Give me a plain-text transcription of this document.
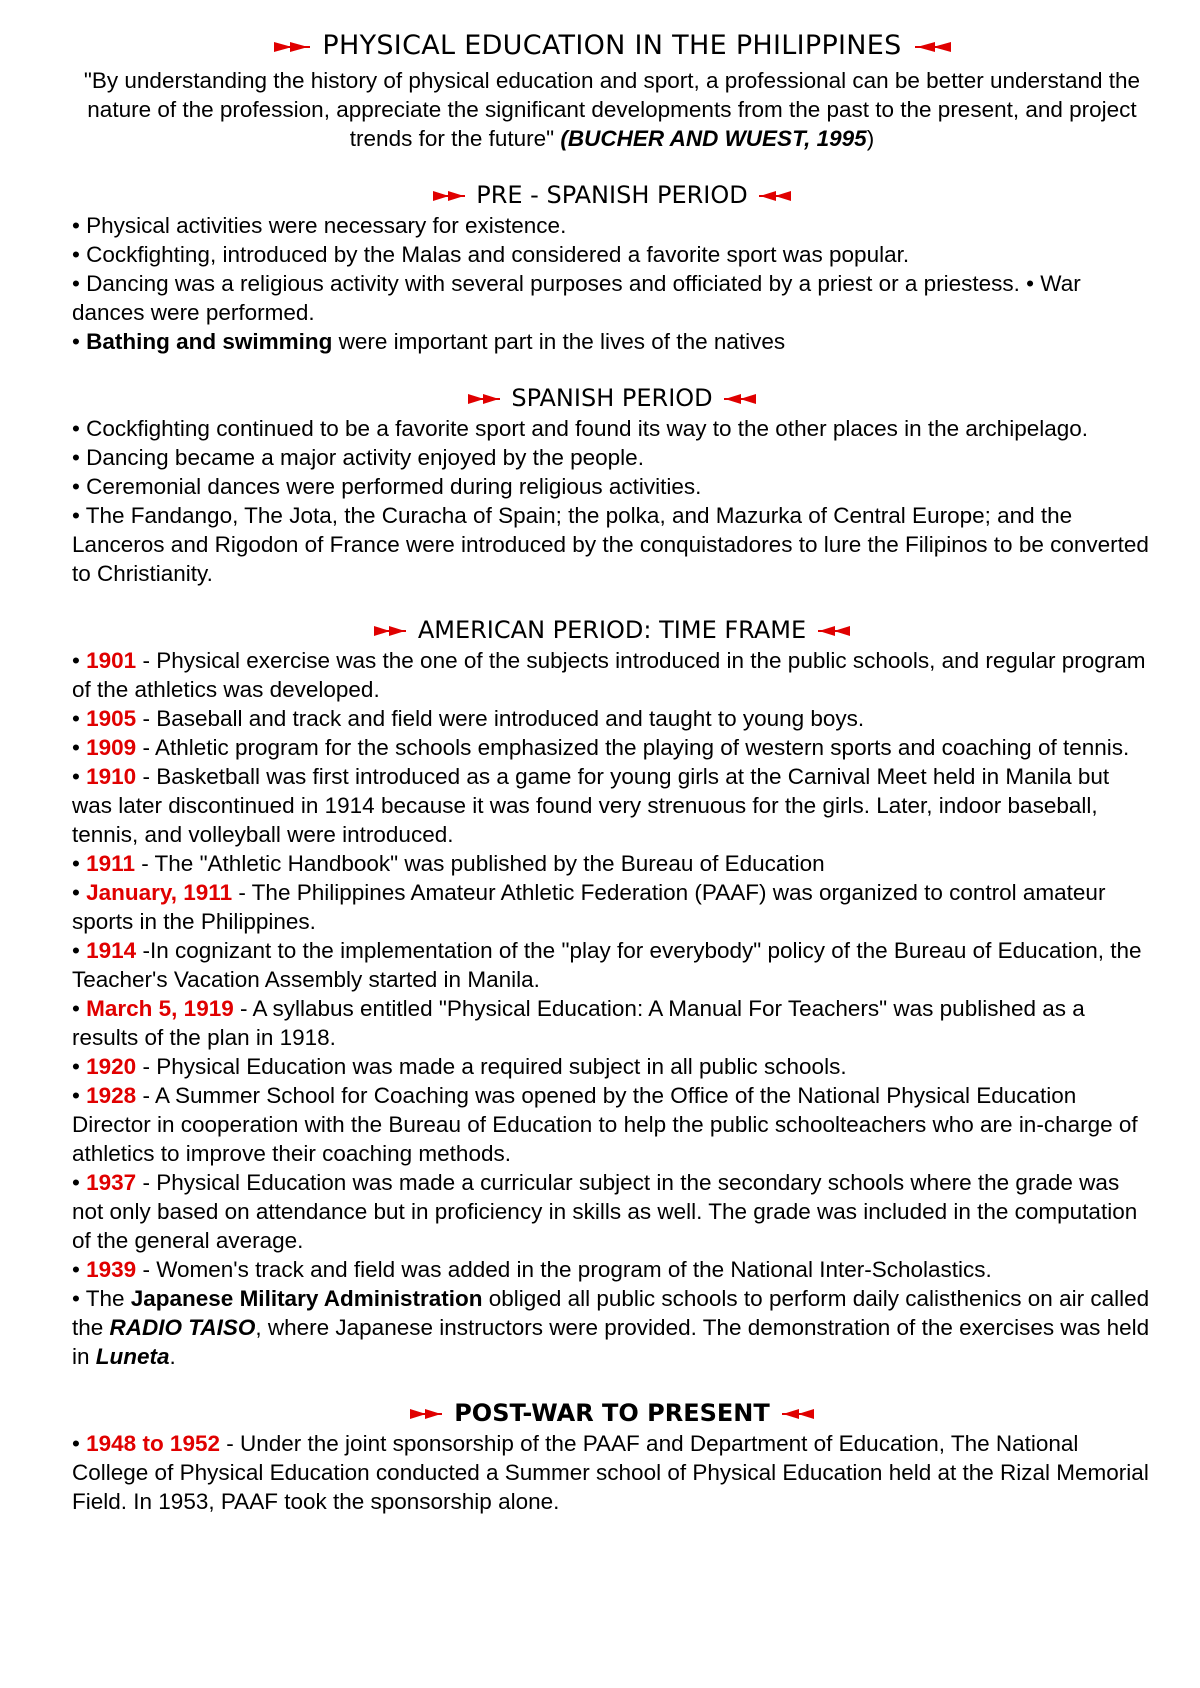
PHYSICAL EDUCATION IN THE PHILIPPINES

"By understanding the history of physical education and sport, a professional can be better understand the nature of the profession, appreciate the significant developments from the past to the present, and project trends for the future" (BUCHER AND WUEST, 1995)

PRE - SPANISH PERIOD

• Physical activities were necessary for existence.

• Cockfighting, introduced by the Malas and considered a favorite sport was popular.

• Dancing was a religious activity with several purposes and officiated by a priest or a priestess. • War dances were performed.

• Bathing and swimming were important part in the lives of the natives

SPANISH PERIOD

• Cockfighting continued to be a favorite sport and found its way to the other places in the archipelago.

• Dancing became a major activity enjoyed by the people.

• Ceremonial dances were performed during religious activities.

• The Fandango, The Jota, the Curacha of Spain; the polka, and Mazurka of Central Europe; and the Lanceros and Rigodon of France were introduced by the conquistadores to lure the Filipinos to be converted to Christianity.

AMERICAN PERIOD: TIME FRAME

• 1901 - Physical exercise was the one of the subjects introduced in the public schools, and regular program of the athletics was developed.

• 1905 - Baseball and track and field were introduced and taught to young boys.

• 1909 - Athletic program for the schools emphasized the playing of western sports and coaching of tennis.

• 1910 - Basketball was first introduced as a game for young girls at the Carnival Meet held in Manila but was later discontinued in 1914 because it was found very strenuous for the girls. Later, indoor baseball, tennis, and volleyball were introduced.

• 1911 - The "Athletic Handbook" was published by the Bureau of Education

• January, 1911 - The Philippines Amateur Athletic Federation (PAAF) was organized to control amateur sports in the Philippines.

• 1914 -In cognizant to the implementation of the "play for everybody" policy of the Bureau of Education, the Teacher's Vacation Assembly started in Manila.

• March 5, 1919 - A syllabus entitled "Physical Education: A Manual For Teachers" was published as a results of the plan in 1918.

• 1920 - Physical Education was made a required subject in all public schools.

• 1928 - A Summer School for Coaching was opened by the Office of the National Physical Education Director in cooperation with the Bureau of Education to help the public schoolteachers who are in-charge of athletics to improve their coaching methods.

• 1937 - Physical Education was made a curricular subject in the secondary schools where the grade was not only based on attendance but in proficiency in skills as well. The grade was included in the computation of the general average.

• 1939 - Women's track and field was added in the program of the National Inter-Scholastics.

• The Japanese Military Administration obliged all public schools to perform daily calisthenics on air called the RADIO TAISO, where Japanese instructors were provided. The demonstration of the exercises was held in Luneta.

POST-WAR TO PRESENT

• 1948 to 1952 - Under the joint sponsorship of the PAAF and Department of Education, The National College of Physical Education conducted a Summer school of Physical Education held at the Rizal Memorial Field. In 1953, PAAF took the sponsorship alone.
